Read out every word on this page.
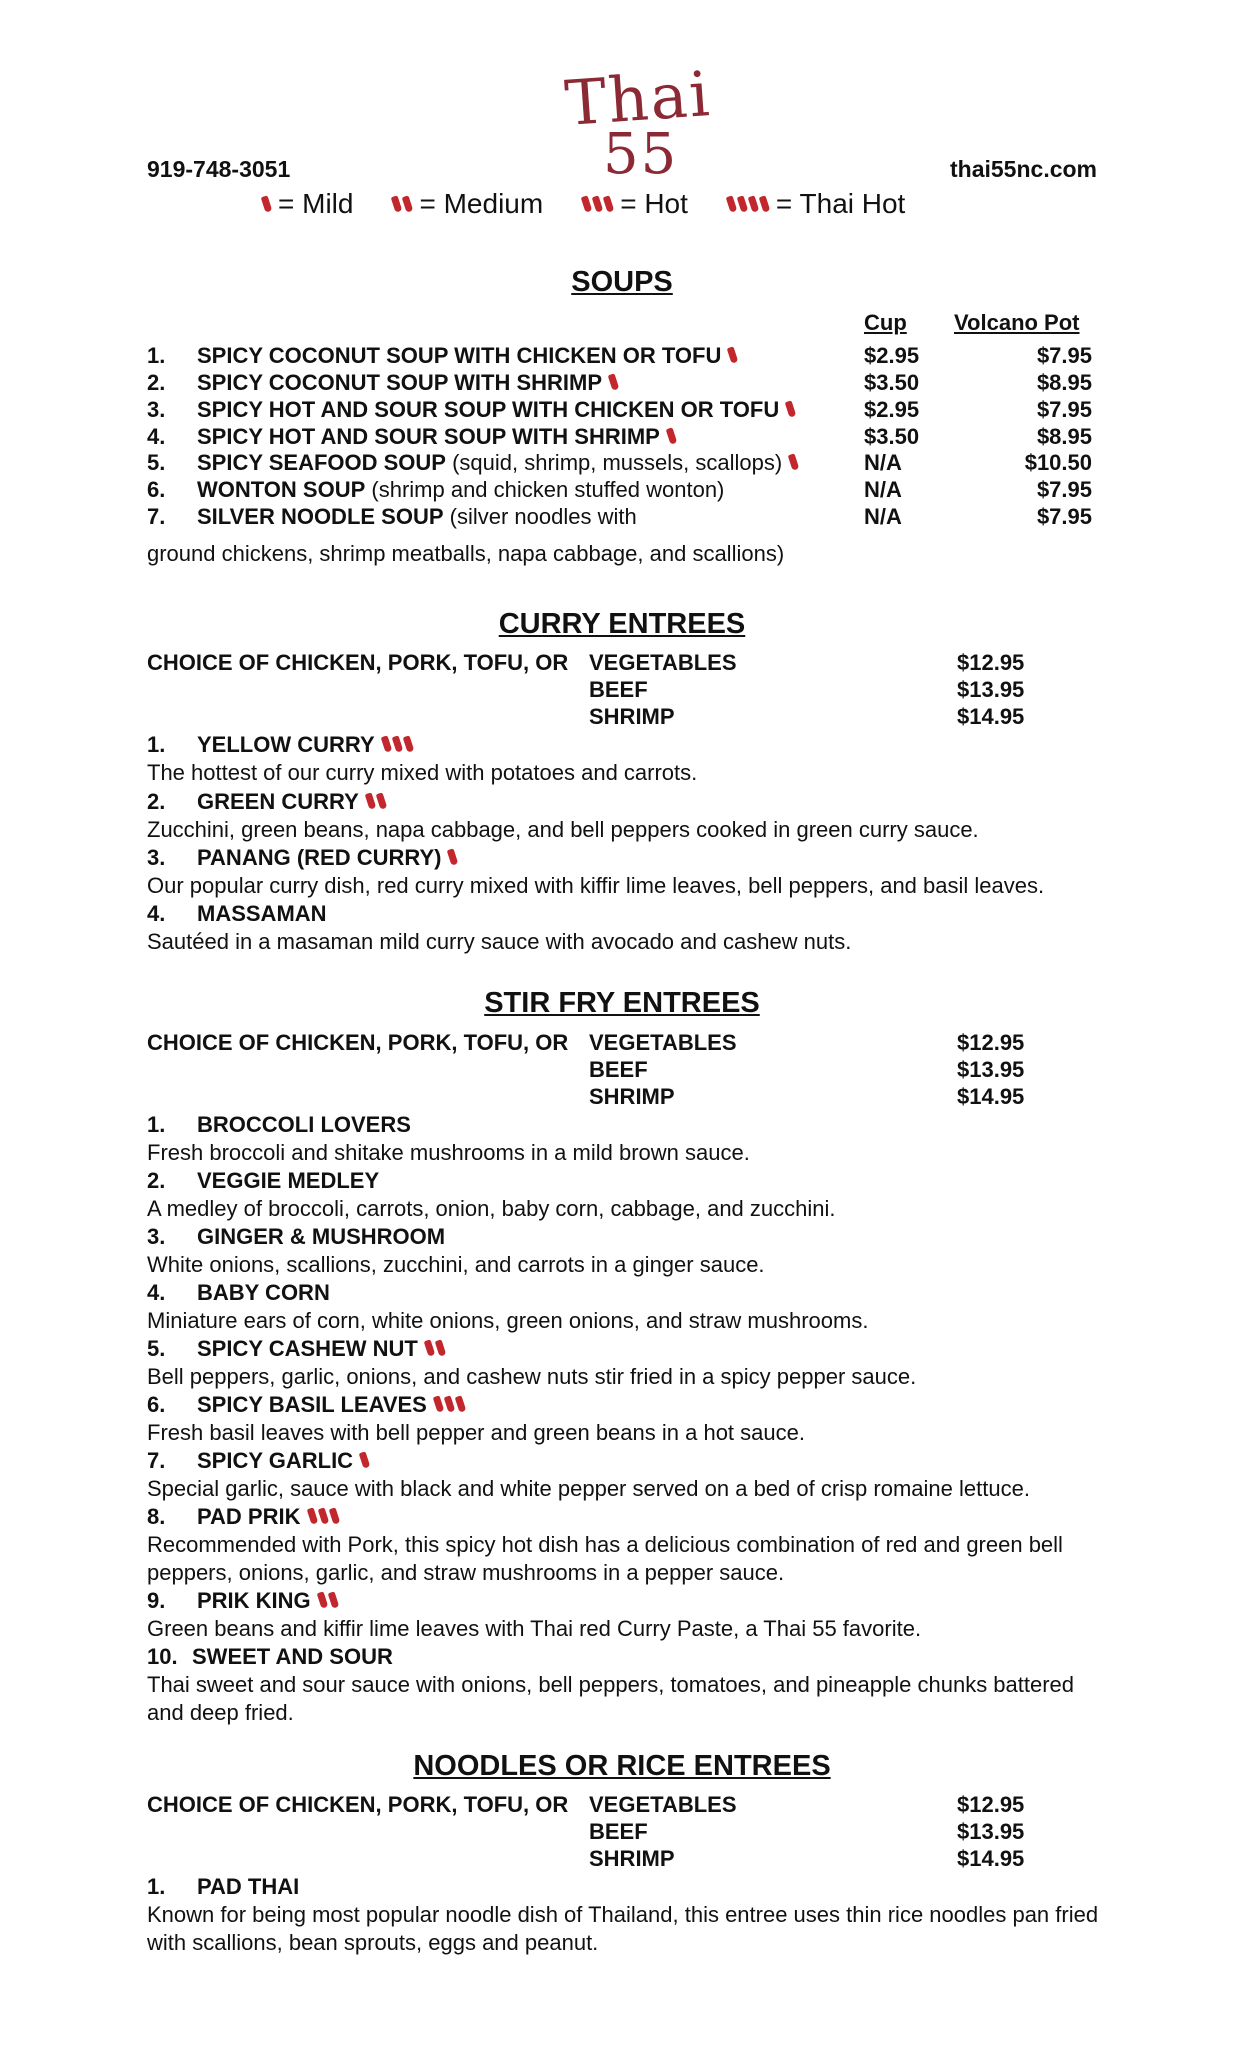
Thai
55
919-748-3051	thai55nc.com
= Mild = Medium	= Hot	= Thai Hot
SOUPS
Cup Volcano Pot
1. SPICY COCONUT SOUP WITH CHICKEN OR TOFU	$2.95	$7.95
2. SPICY COCONUT SOUP WITH SHRIMP	$3.50	$8.95
3. SPICY HOT AND SOUR SOUP WITH CHICKEN OR TOFU	$2.95	$7.95
4. SPICY HOT AND SOUR SOUP WITH SHRIMP	$3.50	$8.95
5. SPICY SEAFOOD SOUP (squid, shrimp, mussels, scallops)	N/A	$10.50
6. WONTON SOUP (shrimp and chicken stuffed wonton)	N/A	$7.95
7. SILVER NOODLE SOUP (silver noodles with	N/A	$7.95
ground chickens, shrimp meatballs, napa cabbage, and scallions)
CURRY ENTREES
CHOICE OF CHICKEN, PORK, TOFU, OR VEGETABLES	$12.95
BEEF	$13.95
SHRIMP	$14.95
1. YELLOW CURRY
The hottest of our curry mixed with potatoes and carrots.
2. GREEN CURRY
Zucchini, green beans, napa cabbage, and bell peppers cooked in green curry sauce.
3. PANANG (RED CURRY)
Our popular curry dish, red curry mixed with kiffir lime leaves, bell peppers, and basil leaves.
4. MASSAMAN
Sautéed in a masaman mild curry sauce with avocado and cashew nuts.
STIR FRY ENTREES
CHOICE OF CHICKEN, PORK, TOFU, OR VEGETABLES	$12.95
BEEF	$13.95
SHRIMP	$14.95
1. BROCCOLI LOVERS
Fresh broccoli and shitake mushrooms in a mild brown sauce.
2. VEGGIE MEDLEY
A medley of broccoli, carrots, onion, baby corn, cabbage, and zucchini.
3. GINGER & MUSHROOM
White onions, scallions, zucchini, and carrots in a ginger sauce.
4. BABY CORN
Miniature ears of corn, white onions, green onions, and straw mushrooms.
5. SPICY CASHEW NUT
Bell peppers, garlic, onions, and cashew nuts stir fried in a spicy pepper sauce.
6. SPICY BASIL LEAVES
Fresh basil leaves with bell pepper and green beans in a hot sauce.
7. SPICY GARLIC
Special garlic, sauce with black and white pepper served on a bed of crisp romaine lettuce.
8. PAD PRIK
Recommended with Pork, this spicy hot dish has a delicious combination of red and green bell peppers, onions, garlic, and straw mushrooms in a pepper sauce.
9. PRIK KING
Green beans and kiffir lime leaves with Thai red Curry Paste, a Thai 55 favorite.
10. SWEET AND SOUR
Thai sweet and sour sauce with onions, bell peppers, tomatoes, and pineapple chunks battered and deep fried.
NOODLES OR RICE ENTREES
CHOICE OF CHICKEN, PORK, TOFU, OR VEGETABLES	$12.95
BEEF	$13.95
SHRIMP	$14.95
1. PAD THAI
Known for being most popular noodle dish of Thailand, this entree uses thin rice noodles pan fried with scallions, bean sprouts, eggs and peanut.
